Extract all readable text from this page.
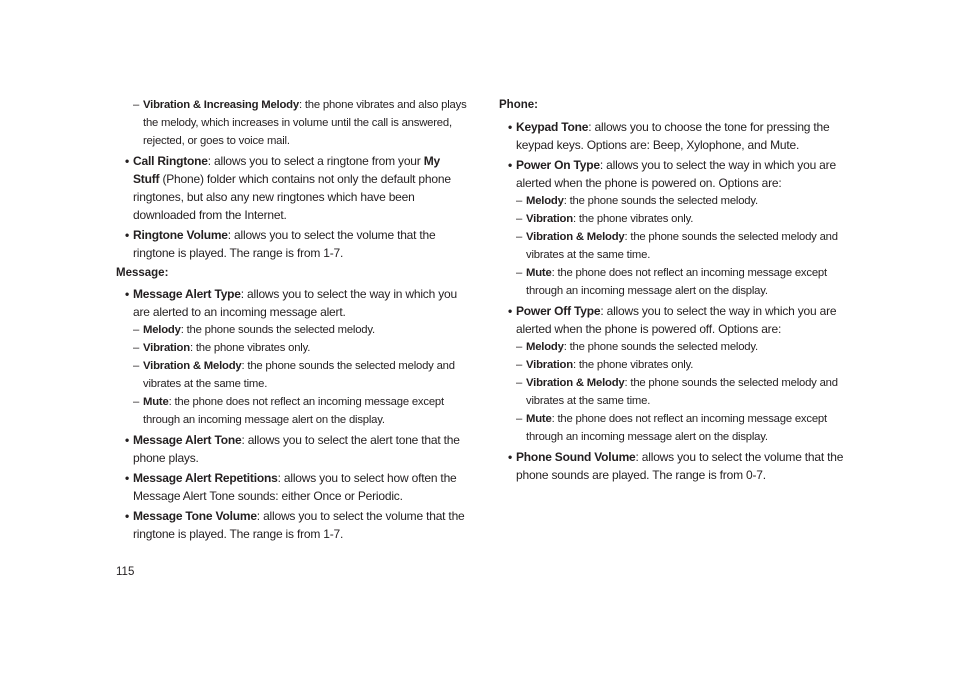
– Vibration & Increasing Melody: the phone vibrates and also plays the melody, which increases in volume until the call is answered, rejected, or goes to voice mail.
• Call Ringtone: allows you to select a ringtone from your My Stuff (Phone) folder which contains not only the default phone ringtones, but also any new ringtones which have been downloaded from the Internet.
• Ringtone Volume: allows you to select the volume that the ringtone is played. The range is from 1-7.

Message:

• Message Alert Type: allows you to select the way in which you are alerted to an incoming message alert.
– Melody: the phone sounds the selected melody.
– Vibration: the phone vibrates only.
– Vibration & Melody: the phone sounds the selected melody and vibrates at the same time.
– Mute: the phone does not reflect an incoming message except through an incoming message alert on the display.
• Message Alert Tone: allows you to select the alert tone that the phone plays.
• Message Alert Repetitions: allows you to select how often the Message Alert Tone sounds: either Once or Periodic.
• Message Tone Volume: allows you to select the volume that the ringtone is played. The range is from 1-7.

Phone:

• Keypad Tone: allows you to choose the tone for pressing the keypad keys. Options are: Beep, Xylophone, and Mute.
• Power On Type: allows you to select the way in which you are alerted when the phone is powered on. Options are:
– Melody: the phone sounds the selected melody.
– Vibration: the phone vibrates only.
– Vibration & Melody: the phone sounds the selected melody and vibrates at the same time.
– Mute: the phone does not reflect an incoming message except through an incoming message alert on the display.
• Power Off Type: allows you to select the way in which you are alerted when the phone is powered off. Options are:
– Melody: the phone sounds the selected melody.
– Vibration: the phone vibrates only.
– Vibration & Melody: the phone sounds the selected melody and vibrates at the same time.
– Mute: the phone does not reflect an incoming message except through an incoming message alert on the display.
• Phone Sound Volume: allows you to select the volume that the phone sounds are played. The range is from 0-7.
115
